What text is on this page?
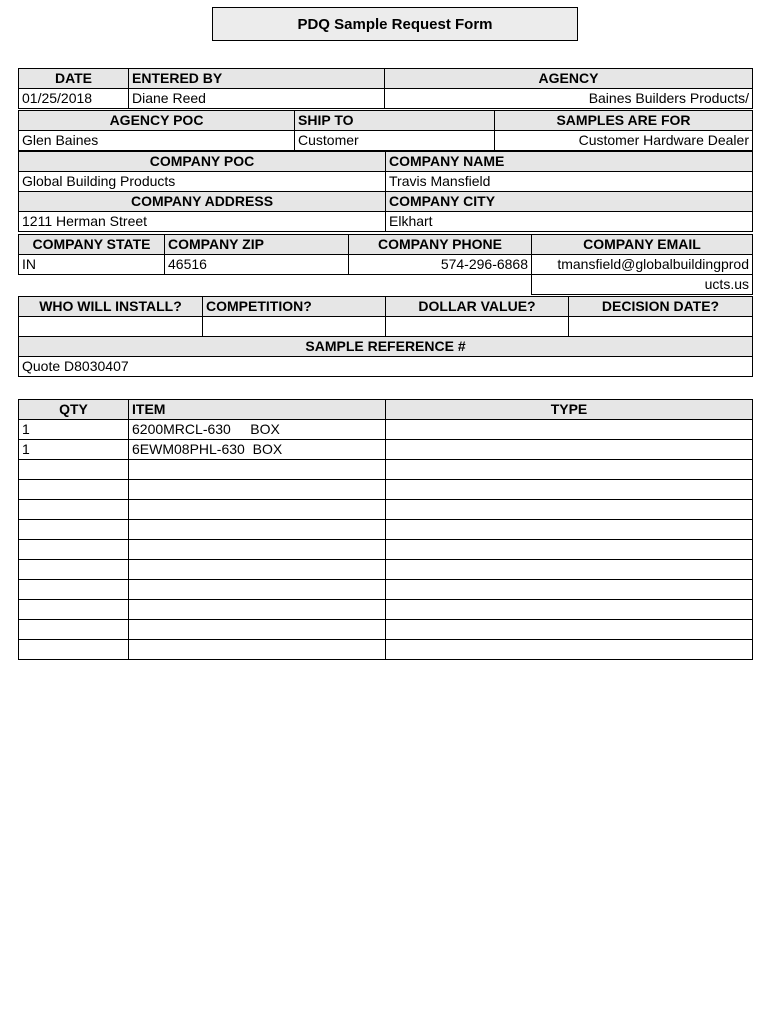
PDQ Sample Request Form
DATE	ENTERED BY	AGENCY
01/25/2018	Diane Reed	Baines Builders Products/
AGENCY POC	SHIP TO	SAMPLES ARE FOR
Glen Baines	Customer	Customer Hardware Dealer
COMPANY POC	COMPANY NAME
Global Building Products	Travis Mansfield
COMPANY ADDRESS	COMPANY CITY
1211 Herman Street	Elkhart
COMPANY STATE	COMPANY ZIP	COMPANY PHONE	COMPANY EMAIL
IN	46516	574-296-6868	tmansfield@globalbuildingprod
			ucts.us
WHO WILL INSTALL?	COMPETITION?	DOLLAR VALUE?	DECISION DATE?

SAMPLE REFERENCE #			
Quote D8030407			
QTY	ITEM	TYPE
1	6200MRCL-630     BOX	
1	6EWM08PHL-630  BOX	
